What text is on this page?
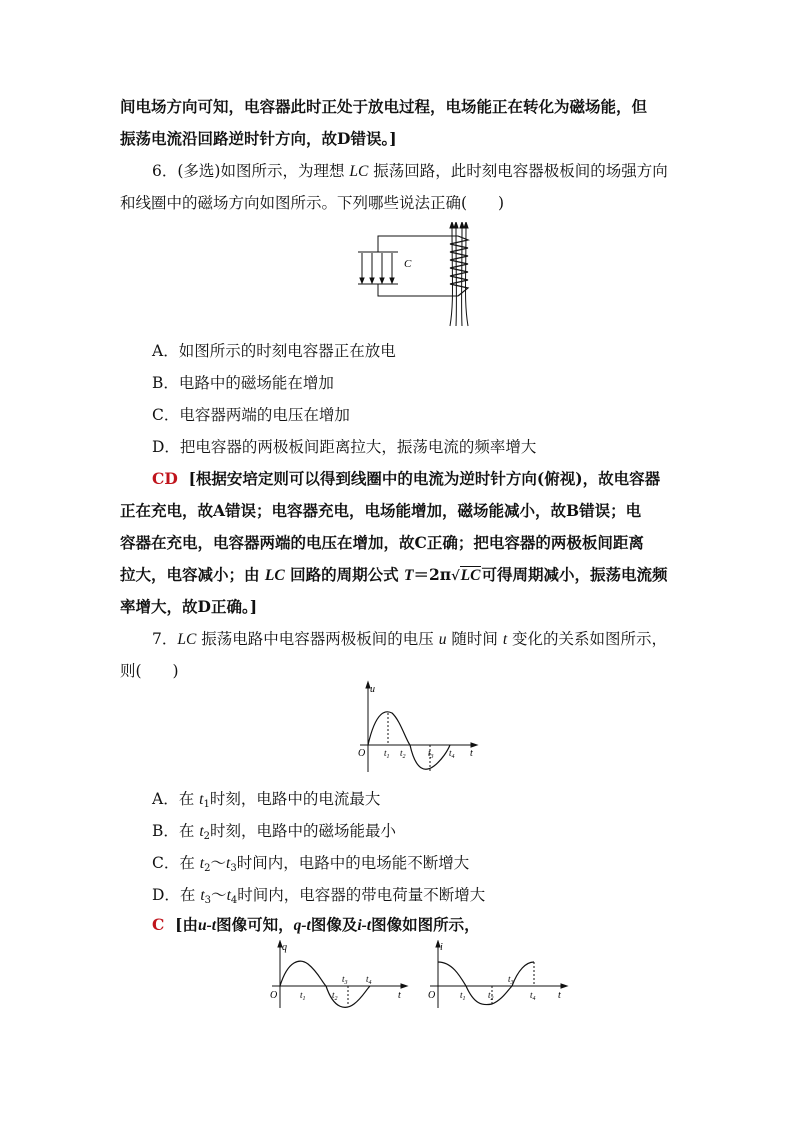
间电场方向可知，电容器此时正处于放电过程，电场能正在转化为磁场能，但
振荡电流沿回路逆时针方向，故D错误。]
6．(多选)如图所示，为理想 LC 振荡回路，此时刻电容器极板间的场强方向
和线圈中的磁场方向如图所示。下列哪些说法正确(　　)
C
A．如图所示的时刻电容器正在放电
B．电路中的磁场能在增加
C．电容器两端的电压在增加
D．把电容器的两极板间距离拉大，振荡电流的频率增大
CD [根据安培定则可以得到线圈中的电流为逆时针方向(俯视)，故电容器
正在充电，故A错误；电容器充电，电场能增加，磁场能减小，故B错误；电
容器在充电，电容器两端的电压在增加，故C正确；把电容器的两极板间距离
拉大，电容减小；由 LC 回路的周期公式 T＝2π√LC可得周期减小，振荡电流频
率增大，故D正确。]
7．LC 振荡电路中电容器两极板间的电压 u 随时间 t 变化的关系如图所示，
则(　　)
u
O	t
$t_1$ $t_2$ $t_3$ $t_4$
A．在 $t_1$时刻，电路中的电流最大
B．在 $t_2$时刻，电路中的磁场能最小
C．在 $t_2\sim t_3$时间内，电路中的电场能不断增大
D．在 $t_3\sim t_4$时间内，电容器的带电荷量不断增大
C [由u-t图像可知，q-t图像及i-t图像如图所示，
q
O	t
$t_1$	$t_2$
$t_3$ $t_4$
i
O	t
$t_1$ $t_2$
$t_3$
$t_4$
